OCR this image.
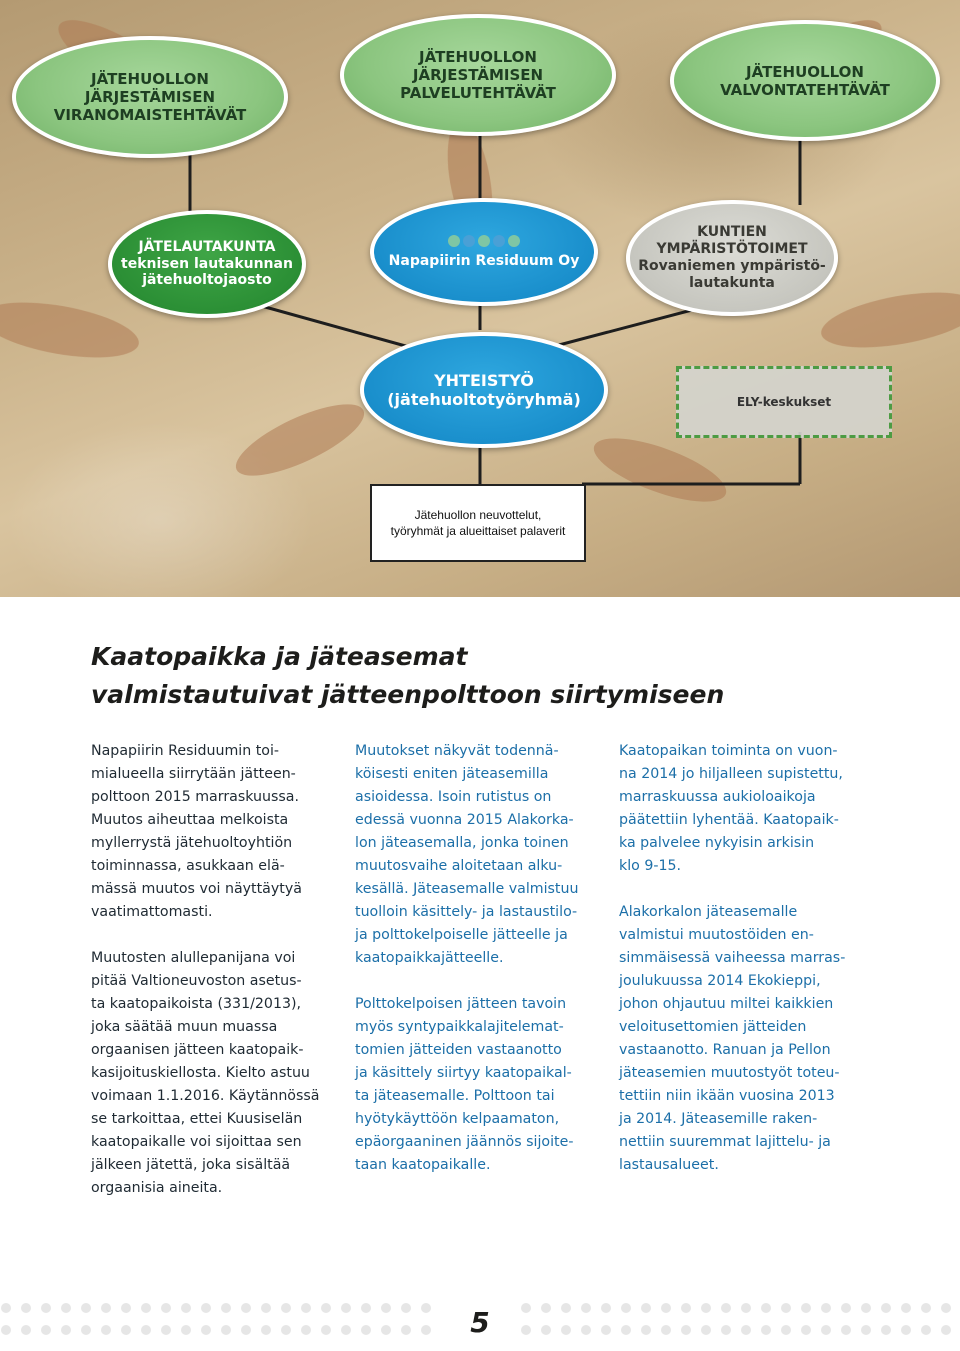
JÄTEHUOLLON
JÄRJESTÄMISEN
VIRANOMAISTEHTÄVÄT
JÄTEHUOLLON
JÄRJESTÄMISEN
PALVELUTEHTÄVÄT
JÄTEHUOLLON
VALVONTATEHTÄVÄT
JÄTELAUTAKUNTA
teknisen lautakunnan
jätehuoltojaosto
Napapiirin Residuum Oy
KUNTIEN
YMPÄRISTÖTOIMET
Rovaniemen ympäristö-
lautakunta
YHTEISTYÖ
(jätehuoltotyöryhmä)	ELY-keskukset
Jätehuollon neuvottelut,
työryhmät ja alueittaiset palaverit
Kaatopaikka ja jäteasemat
valmistautuivat jätteenpolttoon siirtymiseen

Napapiirin Residuumin toi-
mialueella siirrytään jätteen-
polttoon 2015 marraskuussa.
Muutos aiheuttaa melkoista
myllerrystä jätehuoltoyhtiön
toiminnassa, asukkaan elä-
mässä muutos voi näyttäytyä
vaatimattomasti.

Muutosten alullepanijana voi
pitää Valtioneuvoston asetus-
ta kaatopaikoista (331/2013),
joka säätää muun muassa
orgaanisen jätteen kaatopaik-
kasijoituskiellosta. Kielto astuu
voimaan 1.1.2016. Käytännössä
se tarkoittaa, ettei Kuusiselän
kaatopaikalle voi sijoittaa sen
jälkeen jätettä, joka sisältää
orgaanisia aineita.

Muutokset näkyvät todennä-
köisesti eniten jäteasemilla
asioidessa. Isoin rutistus on
edessä vuonna 2015 Alakorka-
lon jäteasemalla, jonka toinen
muutosvaihe aloitetaan alku-
kesällä. Jäteasemalle valmistuu
tuolloin käsittely- ja lastaustilo-
ja polttokelpoiselle jätteelle ja
kaatopaikkajätteelle.

Polttokelpoisen jätteen tavoin
myös syntypaikkalajitelemat-
tomien jätteiden vastaanotto
ja käsittely siirtyy kaatopaikal-
ta jäteasemalle. Polttoon tai
hyötykäyttöön kelpaamaton,
epäorgaaninen jäännös sijoite-
taan kaatopaikalle.

Kaatopaikan toiminta on vuon-
na 2014 jo hiljalleen supistettu,
marraskuussa aukioloaikoja
päätettiin lyhentää. Kaatopaik-
ka palvelee nykyisin arkisin
klo 9-15.

Alakorkalon jäteasemalle
valmistui muutostöiden en-
simmäisessä vaiheessa marras-
joulukuussa 2014 Ekokieppi,
johon ohjautuu miltei kaikkien
veloitusettomien jätteiden
vastaanotto. Ranuan ja Pellon
jäteasemien muutostyöt toteu-
tettiin niin ikään vuosina 2013
ja 2014. Jäteasemille raken-
nettiin suuremmat lajittelu- ja
lastausalueet.

5
